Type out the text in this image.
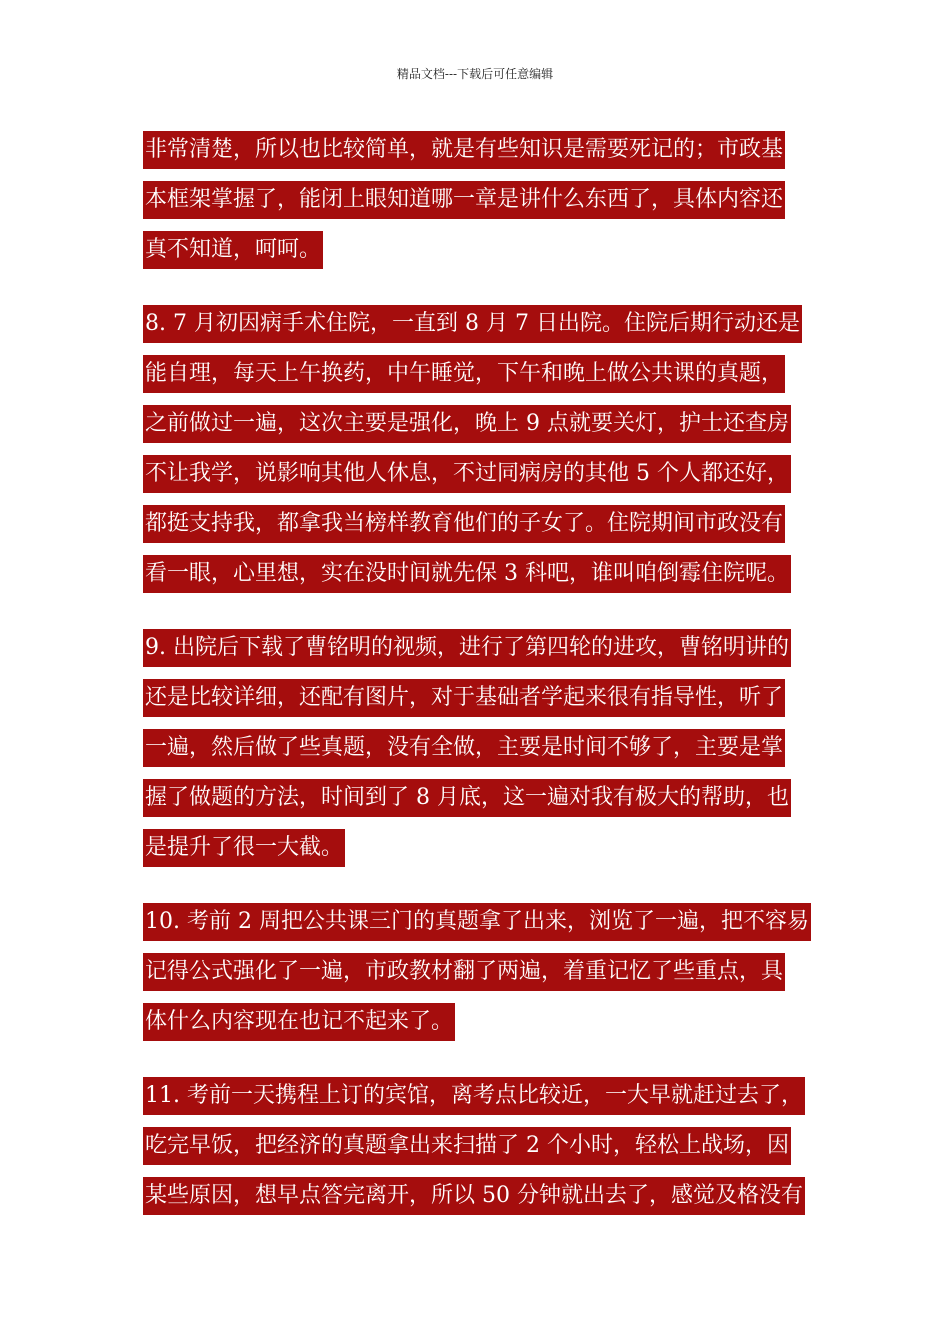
精品文档---下载后可任意编辑
非常清楚，所以也比较简单，就是有些知识是需要死记的；市政基
本框架掌握了，能闭上眼知道哪一章是讲什么东西了，具体内容还
真不知道，呵呵。
8. 7 月初因病手术住院，一直到 8 月 7 日出院。住院后期行动还是
能自理，每天上午换药，中午睡觉，下午和晚上做公共课的真题，
之前做过一遍，这次主要是强化，晚上 9 点就要关灯，护士还查房
不让我学，说影响其他人休息，不过同病房的其他 5 个人都还好，
都挺支持我，都拿我当榜样教育他们的子女了。住院期间市政没有
看一眼，心里想，实在没时间就先保 3 科吧，谁叫咱倒霉住院呢。
9. 出院后下载了曹铭明的视频，进行了第四轮的进攻，曹铭明讲的
还是比较详细，还配有图片，对于基础者学起来很有指导性，听了
一遍，然后做了些真题，没有全做，主要是时间不够了，主要是掌
握了做题的方法，时间到了 8 月底，这一遍对我有极大的帮助，也
是提升了很一大截。
10. 考前 2 周把公共课三门的真题拿了出来，浏览了一遍，把不容易
记得公式强化了一遍，市政教材翻了两遍，着重记忆了些重点，具
体什么内容现在也记不起来了。
11. 考前一天携程上订的宾馆，离考点比较近，一大早就赶过去了，
吃完早饭，把经济的真题拿出来扫描了 2 个小时，轻松上战场，因
某些原因，想早点答完离开，所以 50 分钟就出去了，感觉及格没有
